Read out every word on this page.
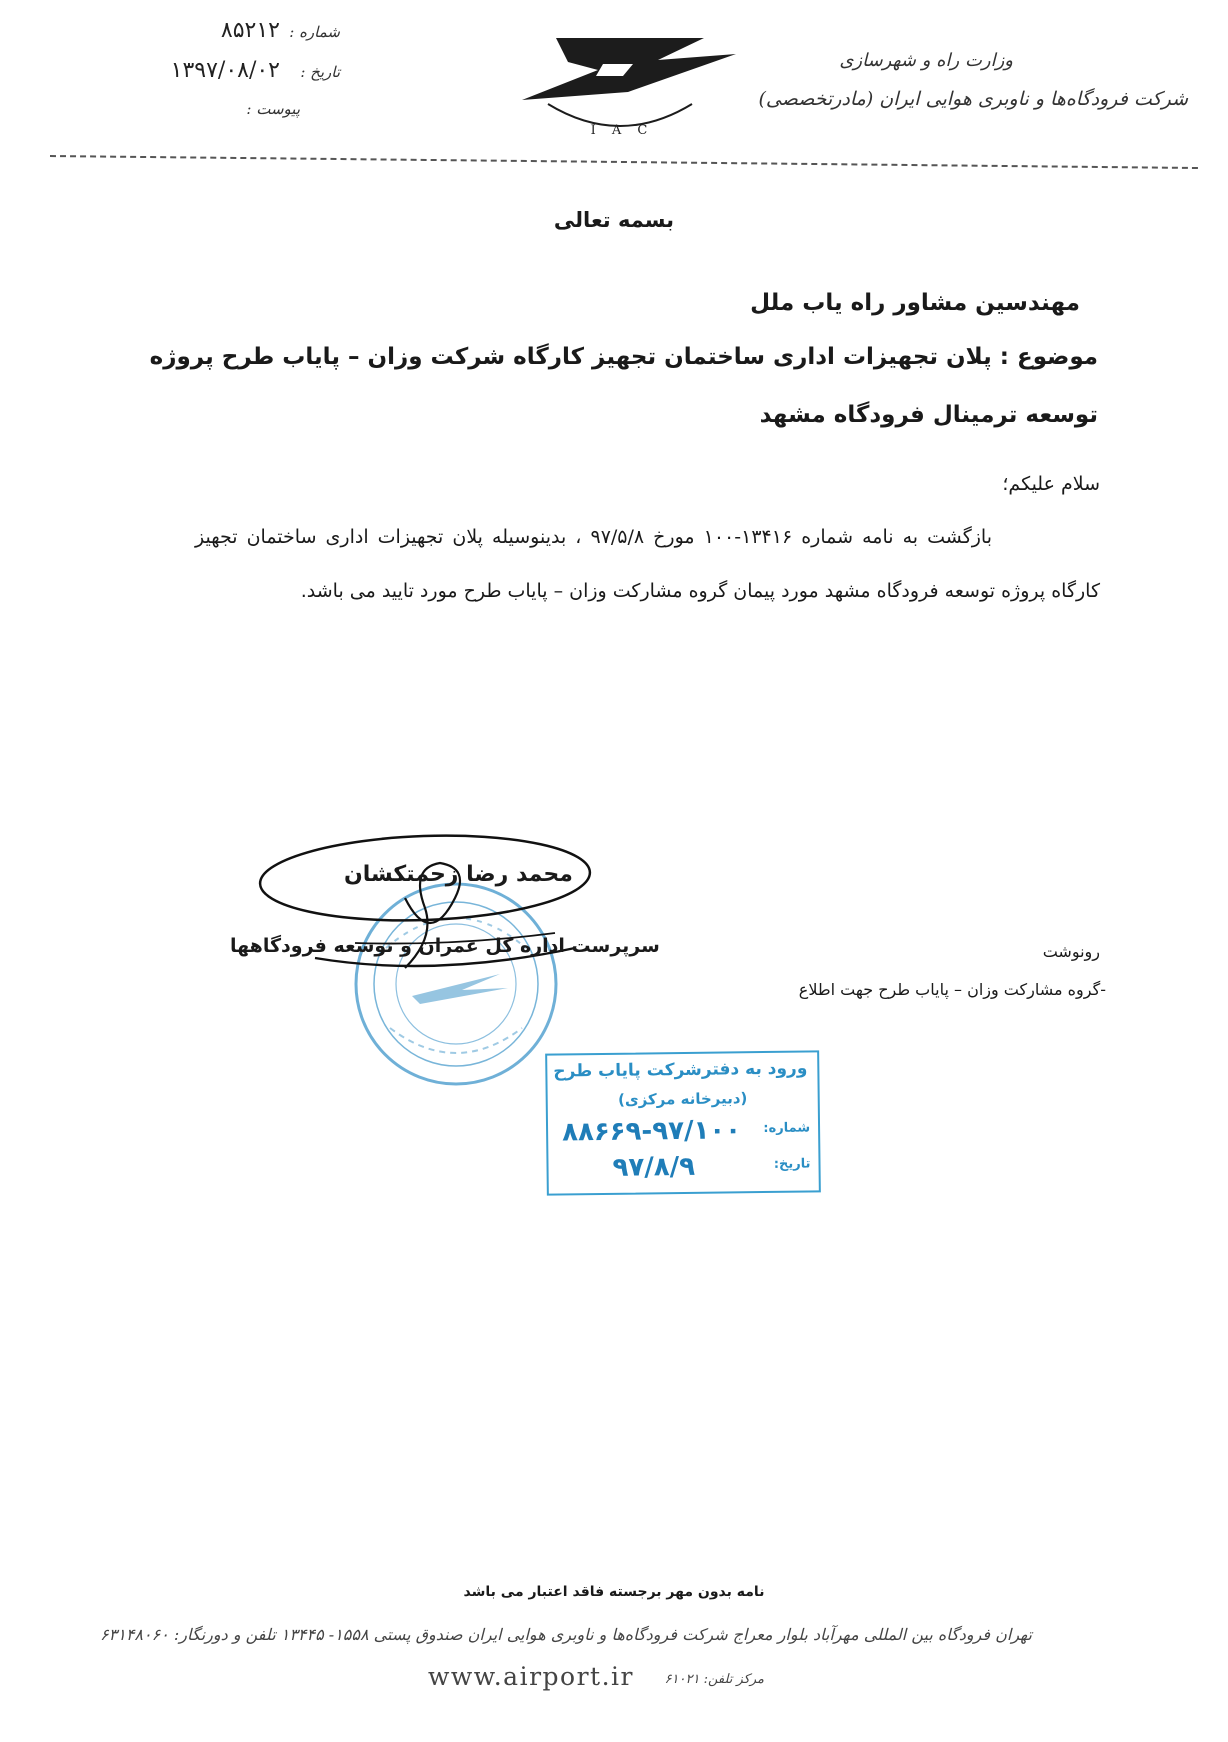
۸۵۲۱۲ شماره :
۱۳۹۷/۰۸/۰۲	تاریخ :
پیوست :
I A C
وزارت راه و شهرسازی
شرکت فرودگاه‌ها و ناوبری هوایی ایران (مادرتخصصی)
بسمه تعالی
مهندسین مشاور راه یاب ملل
موضوع : پلان تجهیزات اداری ساختمان تجهیز کارگاه شرکت وزان – پایاب طرح پروژه توسعه ترمینال فرودگاه مشهد
سلام علیکم؛
بازگشت به نامه شماره ۱۳۴۱۶-۱۰۰ مورخ ۹۷/۵/۸ ، بدینوسیله پلان تجهیزات اداری ساختمان تجهیز کارگاه پروژه توسعه فرودگاه مشهد مورد پیمان گروه مشارکت وزان – پایاب طرح مورد تایید می باشد.
محمد رضا زحمتکشان
سرپرست اداره کل عمران و توسعه فرودگاهها	رونوشت
-گروه مشارکت وزان – پایاب طرح جهت اطلاع
ورود به دفترشرکت پایاب طرح
(دبیرخانه مرکزی)
شماره:
۸۸۶۶۹-۹۷/۱۰۰
تاریخ:
۹۷/۸/۹
نامه بدون مهر برجسته فاقد اعتبار می باشد
تهران فرودگاه بین المللی مهرآباد بلوار معراج شرکت فرودگاه‌ها و ناوبری هوایی ایران صندوق پستی ۱۵۵۸- ۱۳۴۴۵ تلفن و دورنگار: ۶۳۱۴۸۰۶۰
www.airport.ir مرکز تلفن: ۶۱۰۲۱
